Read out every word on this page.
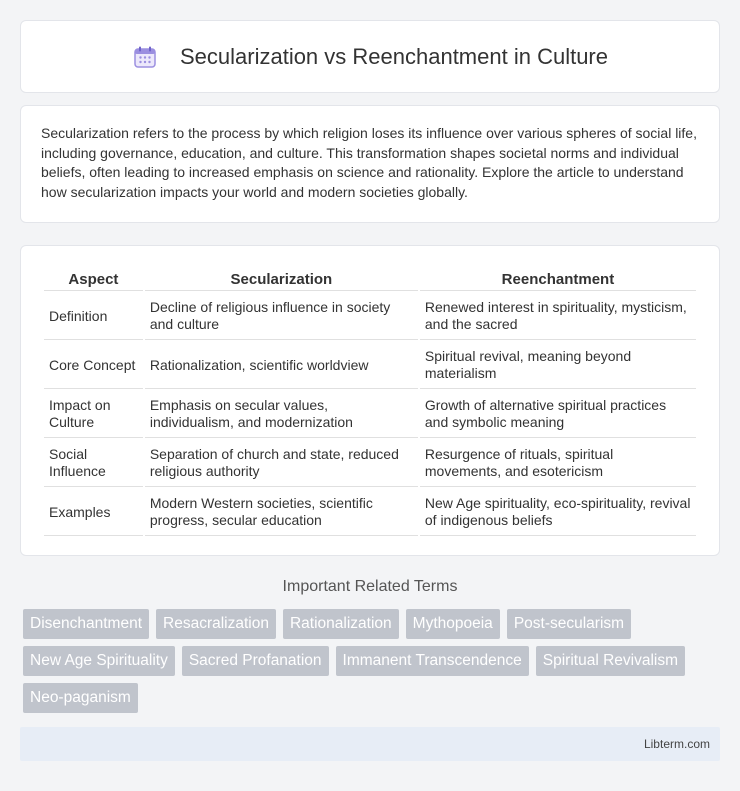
Secularization vs Reenchantment in Culture

Secularization refers to the process by which religion loses its influence over various spheres of social life, including governance, education, and culture. This transformation shapes societal norms and individual beliefs, often leading to increased emphasis on science and rationality. Explore the article to understand how secularization impacts your world and modern societies globally.

Aspect	Secularization	Reenchantment
Definition	Decline of religious influence in society and culture	Renewed interest in spirituality, mysticism, and the sacred
Core Concept	Rationalization, scientific worldview	Spiritual revival, meaning beyond materialism
Impact on Culture	Emphasis on secular values, individualism, and modernization	Growth of alternative spiritual practices and symbolic meaning
Social Influence	Separation of church and state, reduced religious authority	Resurgence of rituals, spiritual movements, and esotericism
Examples	Modern Western societies, scientific progress, secular education	New Age spirituality, eco-spirituality, revival of indigenous beliefs
Important Related Terms
Disenchantment	Resacralization	Rationalization	Mythopoeia	Post-secularism
New Age Spirituality	Sacred Profanation	Immanent Transcendence	Spiritual Revivalism
Neo-paganism
Libterm.com
